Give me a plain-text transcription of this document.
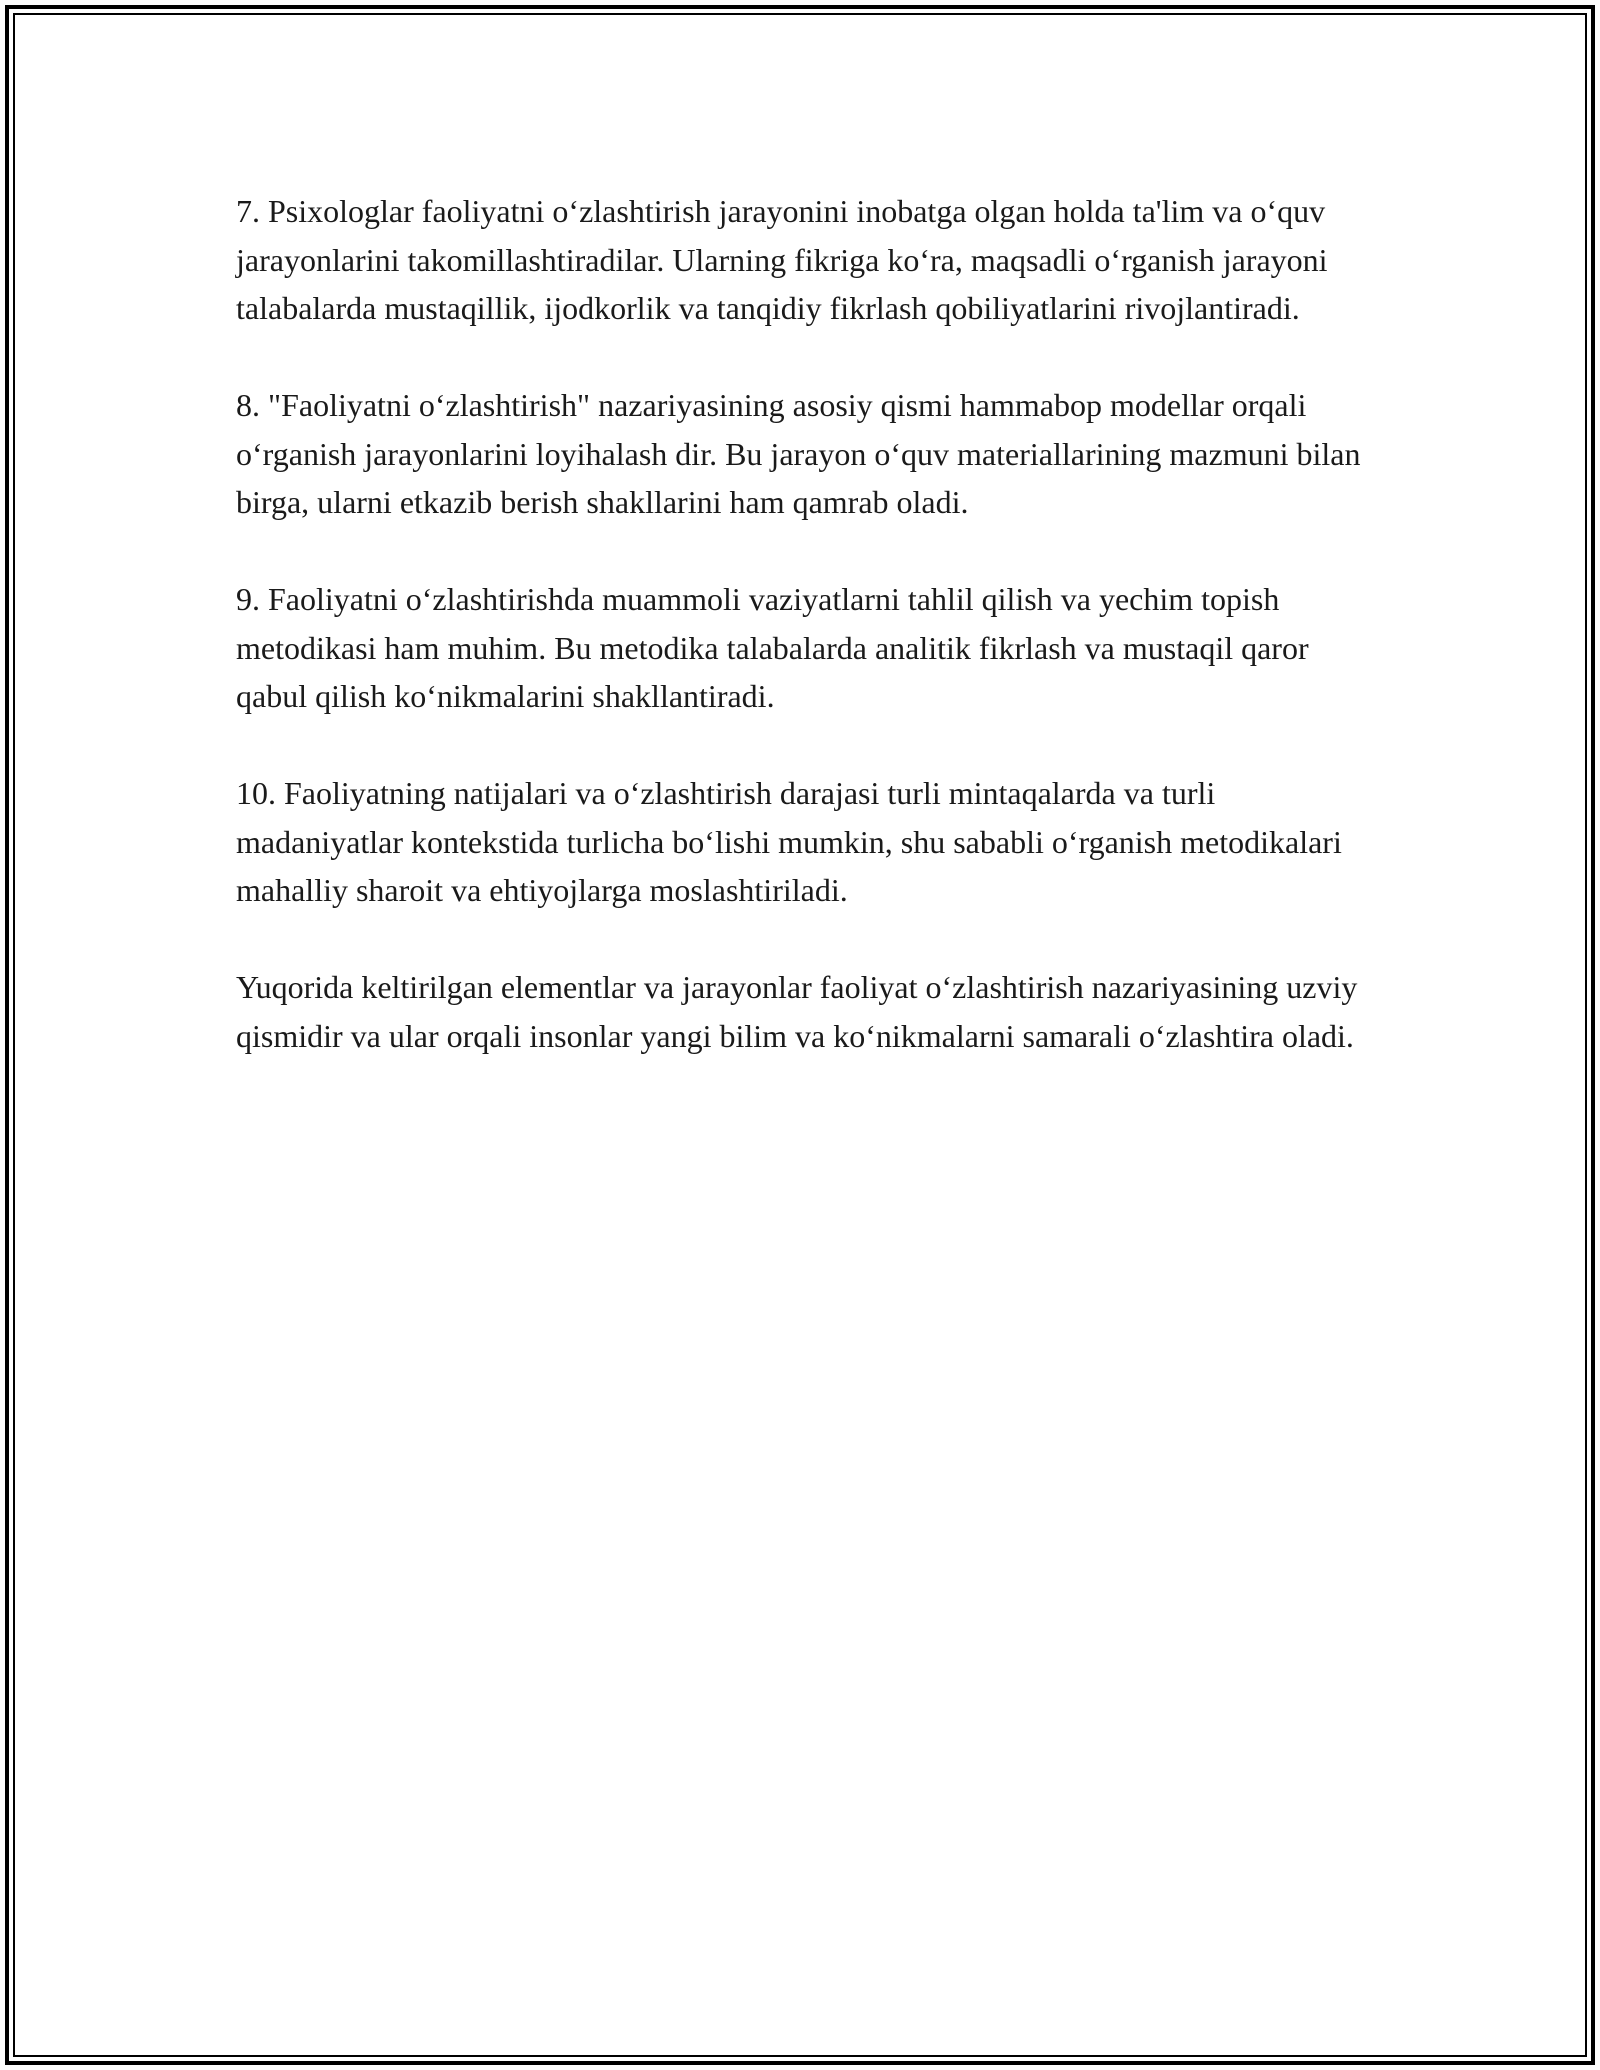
7. Psixologlar faoliyatni o‘zlashtirish jarayonini inobatga olgan holda ta'lim va o‘quv jarayonlarini takomillashtiradilar. Ularning fikriga ko‘ra, maqsadli o‘rganish jarayoni talabalarda mustaqillik, ijodkorlik va tanqidiy fikrlash qobiliyatlarini rivojlantiradi.

8. "Faoliyatni o‘zlashtirish" nazariyasining asosiy qismi hammabop modellar orqali o‘rganish jarayonlarini loyihalash dir. Bu jarayon o‘quv materiallarining mazmuni bilan birga, ularni etkazib berish shakllarini ham qamrab oladi.

9. Faoliyatni o‘zlashtirishda muammoli vaziyatlarni tahlil qilish va yechim topish metodikasi ham muhim. Bu metodika talabalarda analitik fikrlash va mustaqil qaror qabul qilish ko‘nikmalarini shakllantiradi.

10. Faoliyatning natijalari va o‘zlashtirish darajasi turli mintaqalarda va turli madaniyatlar kontekstida turlicha bo‘lishi mumkin, shu sababli o‘rganish metodikalari mahalliy sharoit va ehtiyojlarga moslashtiriladi.

Yuqorida keltirilgan elementlar va jarayonlar faoliyat o‘zlashtirish nazariyasining uzviy qismidir va ular orqali insonlar yangi bilim va ko‘nikmalarni samarali o‘zlashtira oladi.
